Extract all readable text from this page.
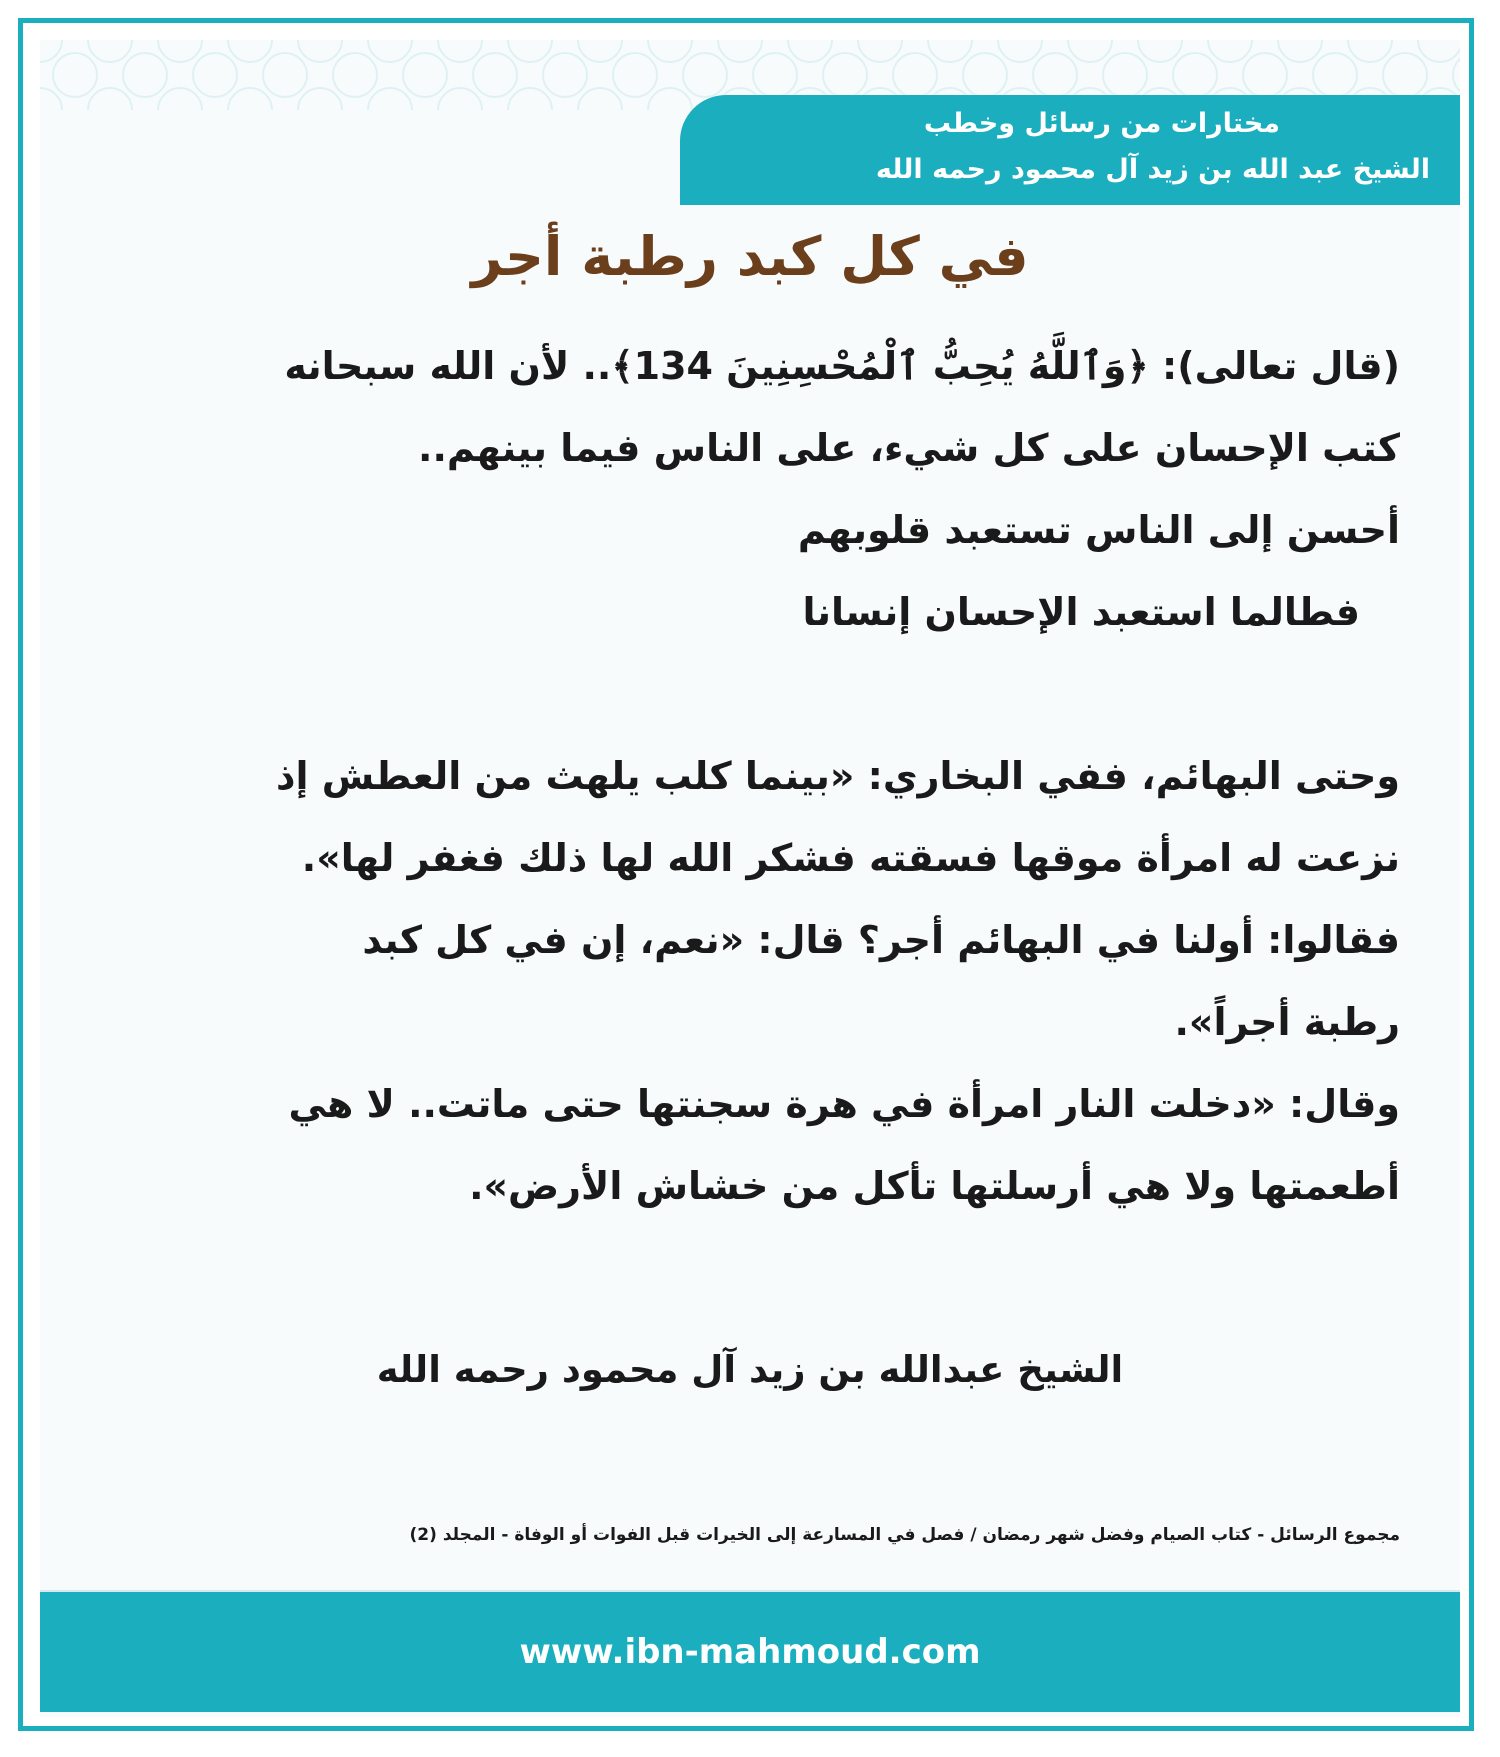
مختارات من رسائل وخطب
الشيخ عبد الله بن زيد آل محمود رحمه الله
في كل كبد رطبة أجر

(قال تعالى): ﴿وَٱللَّهُ يُحِبُّ ٱلْمُحْسِنِينَ 134﴾.. لأن الله سبحانه

كتب الإحسان على كل شيء، على الناس فيما بينهم..

أحسن إلى الناس تستعبد قلوبهم

فطالما استعبد الإحسان إنسانا

وحتى البهائم، ففي البخاري: «بينما كلب يلهث من العطش إذ

نزعت له امرأة موقها فسقته فشكر الله لها ذلك فغفر لها».

فقالوا: أولنا في البهائم أجر؟ قال: «نعم، إن في كل كبد

رطبة أجراً».

وقال: «دخلت النار امرأة في هرة سجنتها حتى ماتت.. لا هي

أطعمتها ولا هي أرسلتها تأكل من خشاش الأرض».

الشيخ عبدالله بن زيد آل محمود رحمه الله
مجموع الرسائل - كتاب الصيام وفضل شهر رمضان / فصل في المسارعة إلى الخيرات قبل الفوات أو الوفاة - المجلد (2)
www.ibn-mahmoud.com
